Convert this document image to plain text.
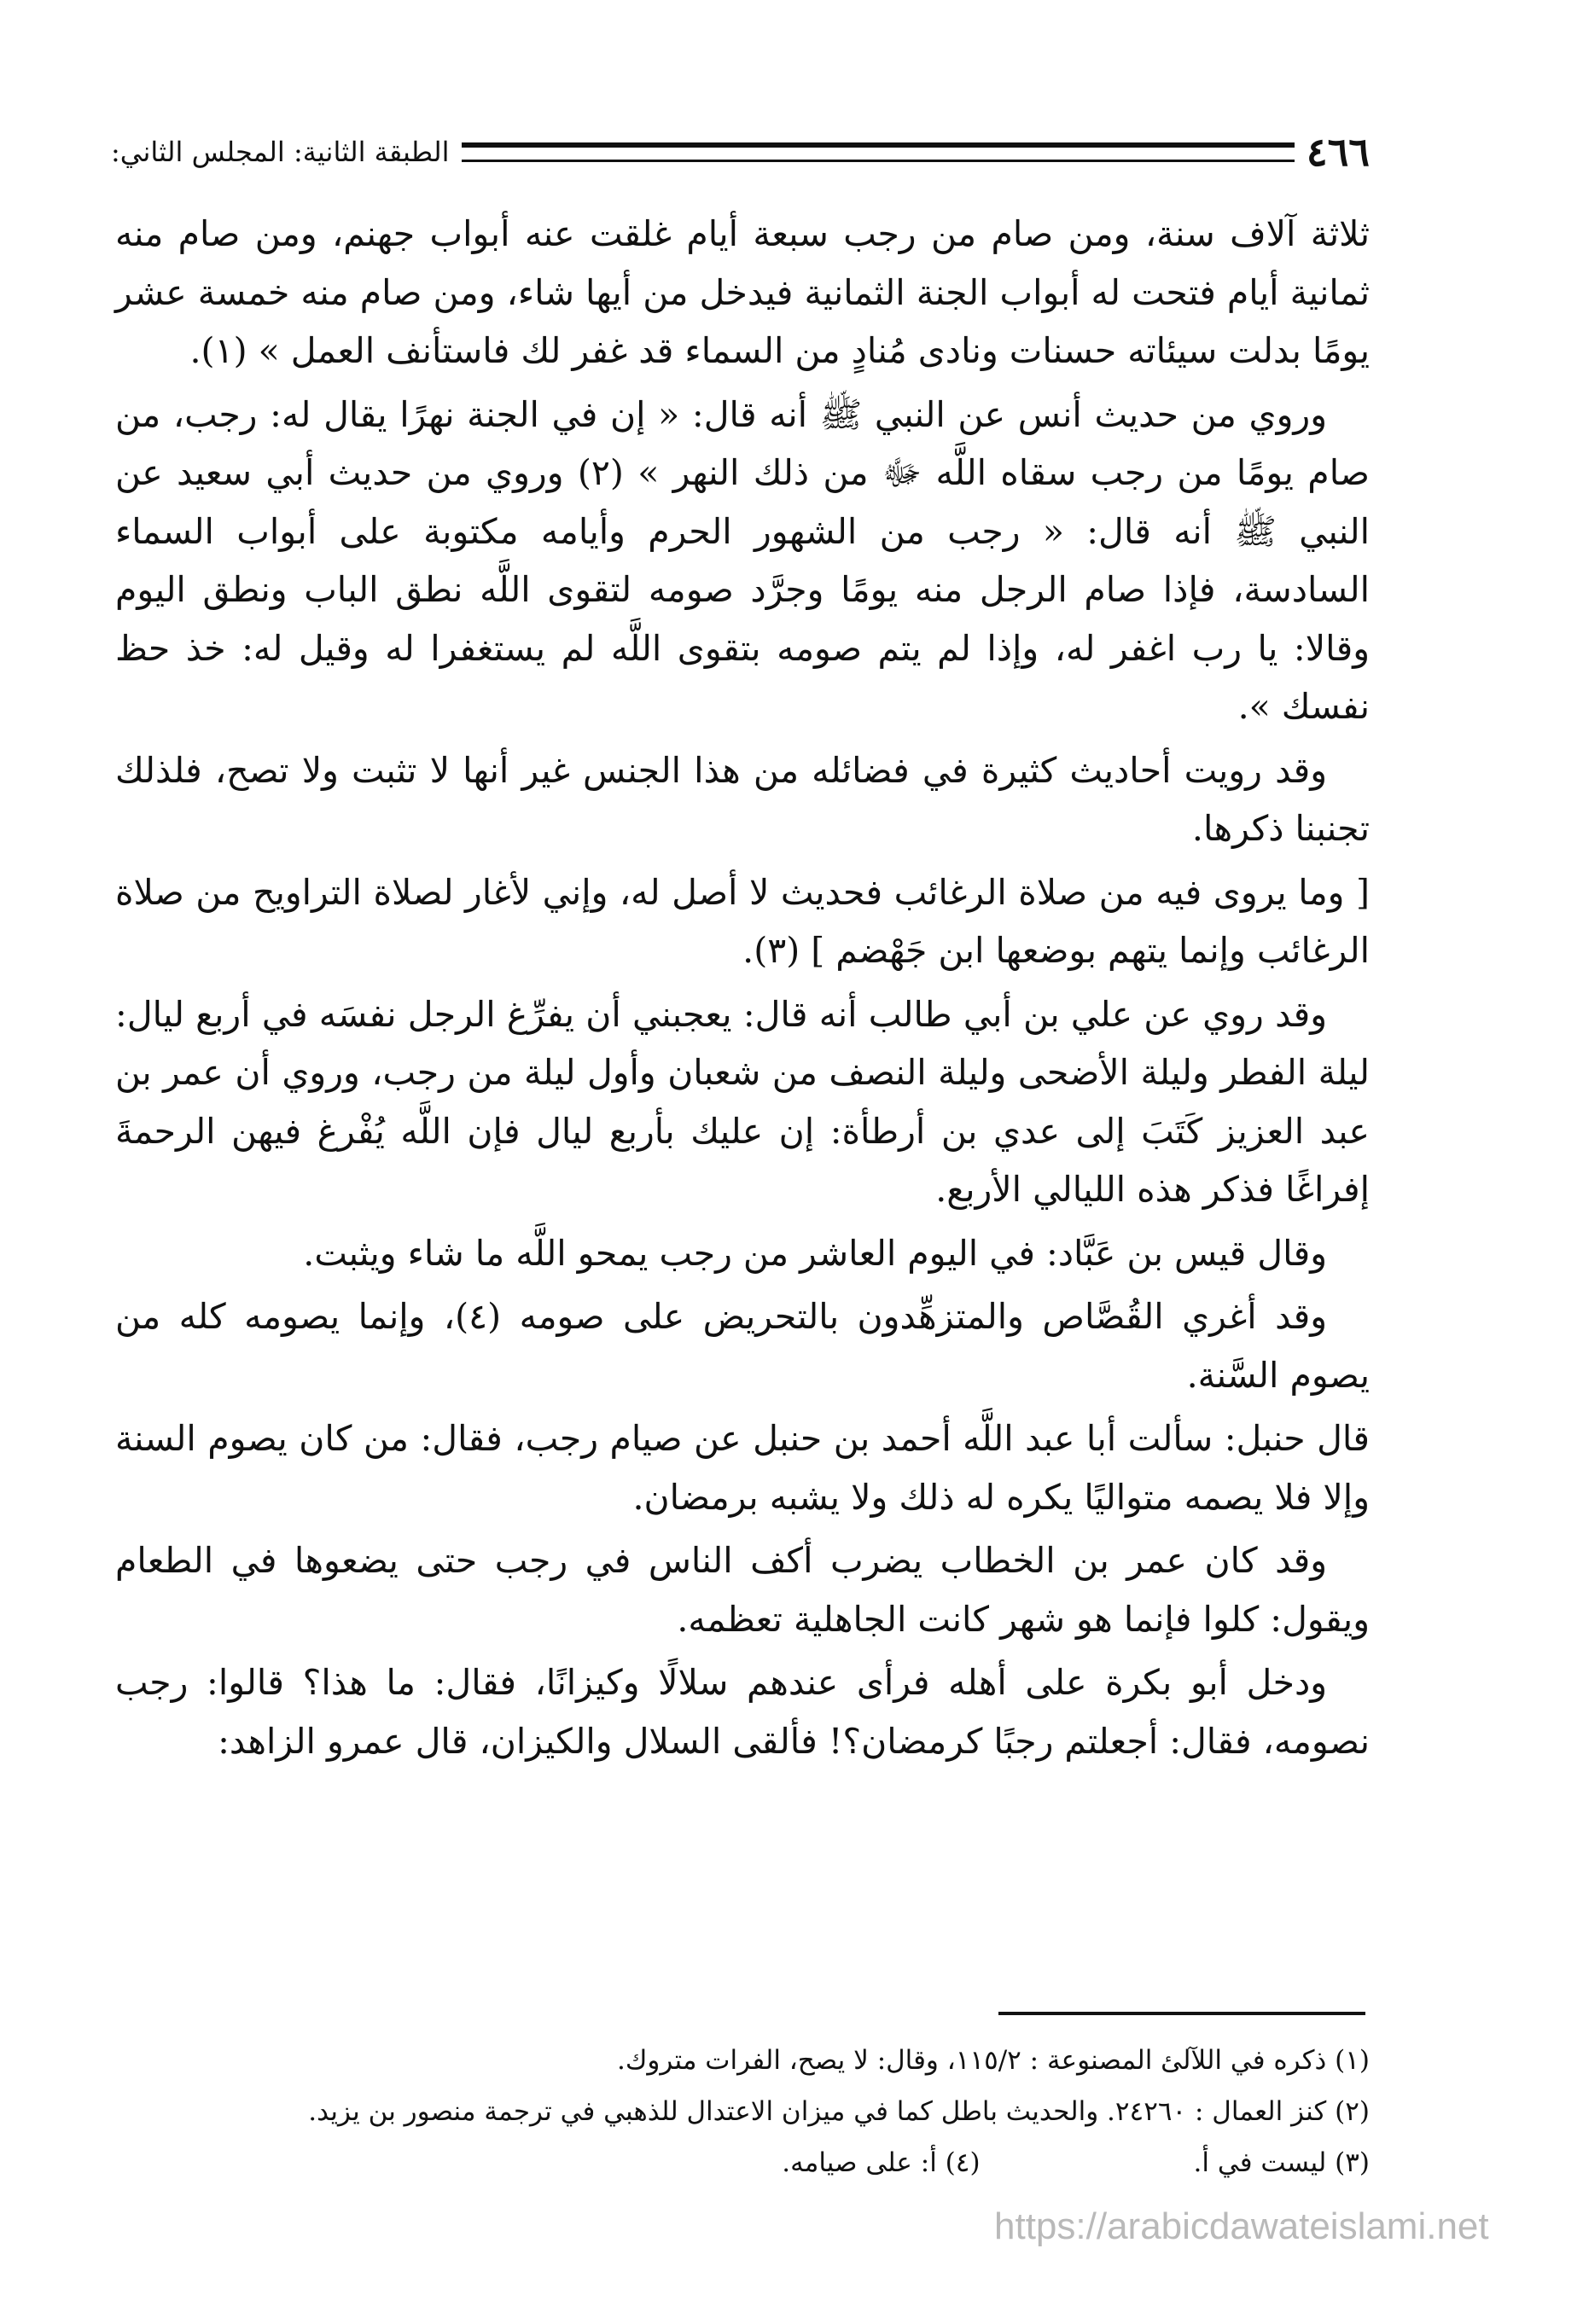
٤٦٦
الطبقة الثانية: المجلس الثاني:

ثلاثة آلاف سنة، ومن صام من رجب سبعة أيام غلقت عنه أبواب جهنم، ومن صام منه ثمانية أيام فتحت له أبواب الجنة الثمانية فيدخل من أيها شاء، ومن صام منه خمسة عشر يومًا بدلت سيئاته حسنات ونادى مُنادٍ من السماء قد غفر لك فاستأنف العمل » (١).

وروي من حديث أنس عن النبي ﷺ أنه قال: « إن في الجنة نهرًا يقال له: رجب، من صام يومًا من رجب سقاه اللَّه ﷻ من ذلك النهر » (٢) وروي من حديث أبي سعيد عن النبي ﷺ أنه قال: « رجب من الشهور الحرم وأيامه مكتوبة على أبواب السماء السادسة، فإذا صام الرجل منه يومًا وجرَّد صومه لتقوى اللَّه نطق الباب ونطق اليوم وقالا: يا رب اغفر له، وإذا لم يتم صومه بتقوى اللَّه لم يستغفرا له وقيل له: خذ حظ نفسك ».

وقد رويت أحاديث كثيرة في فضائله من هذا الجنس غير أنها لا تثبت ولا تصح، فلذلك تجنبنا ذكرها.

[ وما يروى فيه من صلاة الرغائب فحديث لا أصل له، وإني لأغار لصلاة التراويح من صلاة الرغائب وإنما يتهم بوضعها ابن جَهْضم ] (٣).

وقد روي عن علي بن أبي طالب أنه قال: يعجبني أن يفرِّغ الرجل نفسَه في أربع ليال: ليلة الفطر وليلة الأضحى وليلة النصف من شعبان وأول ليلة من رجب، وروي أن عمر بن عبد العزيز كَتَبَ إلى عدي بن أرطأة: إن عليك بأربع ليال فإن اللَّه يُفْرغ فيهن الرحمةَ إفراغًا فذكر هذه الليالي الأربع.

وقال قيس بن عَبَّاد: في اليوم العاشر من رجب يمحو اللَّه ما شاء ويثبت.

وقد أغري القُصَّاص والمتزهِّدون بالتحريض على صومه (٤)، وإنما يصومه كله من يصوم السَّنة.

قال حنبل: سألت أبا عبد اللَّه أحمد بن حنبل عن صيام رجب، فقال: من كان يصوم السنة وإلا فلا يصمه متواليًا يكره له ذلك ولا يشبه برمضان.

وقد كان عمر بن الخطاب يضرب أكف الناس في رجب حتى يضعوها في الطعام ويقول: كلوا فإنما هو شهر كانت الجاهلية تعظمه.

ودخل أبو بكرة على أهله فرأى عندهم سلالًا وكيزانًا، فقال: ما هذا؟ قالوا: رجب نصومه، فقال: أجعلتم رجبًا كرمضان؟! فألقى السلال والكيزان، قال عمرو الزاهد:

(١) ذكره في اللآلئ المصنوعة : ١١٥/٢، وقال: لا يصح، الفرات متروك.
(٢) كنز العمال : ٢٤٢٦٠. والحديث باطل كما في ميزان الاعتدال للذهبي في ترجمة منصور بن يزيد.
(٣) ليست في أ.(٤) أ: على صيامه.
https://arabicdawateislami.net
